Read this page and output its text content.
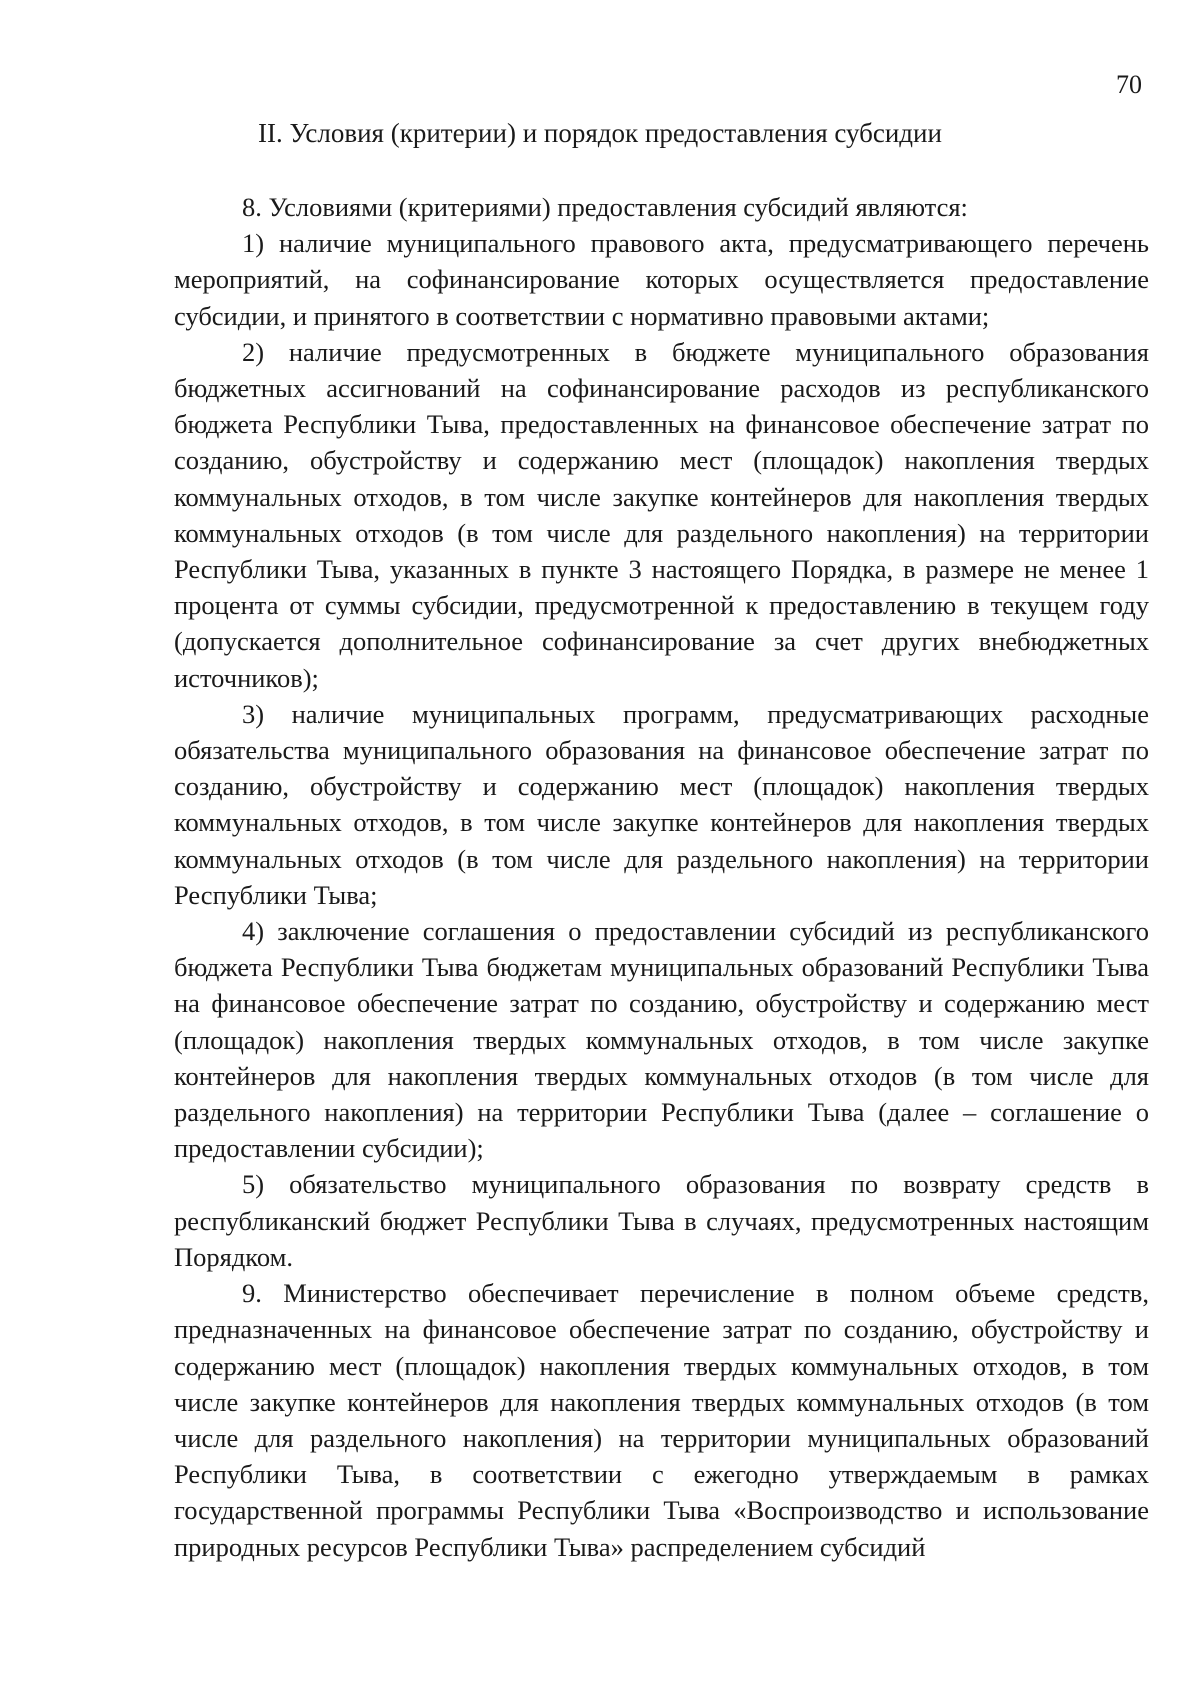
70
II. Условия (критерии) и порядок предоставления субсидии

8. Условиями (критериями) предоставления субсидий являются:

1) наличие муниципального правового акта, предусматривающего перечень мероприятий, на софинансирование которых осуществляется предоставление субсидии, и принятого в соответствии с нормативно правовыми актами;

2) наличие предусмотренных в бюджете муниципального образования бюджетных ассигнований на софинансирование расходов из республиканского бюджета Республики Тыва, предоставленных на финансовое обеспечение затрат по созданию, обустройству и содержанию мест (площадок) накопления твердых коммунальных отходов, в том числе закупке контейнеров для накопления твердых коммунальных отходов (в том числе для раздельного накопления) на территории Республики Тыва, указанных в пункте 3 настоящего Порядка, в размере не менее 1 процента от суммы субсидии, предусмотренной к предоставлению в текущем году (допускается дополнительное софинансирование за счет других внебюджетных источников);

3) наличие муниципальных программ, предусматривающих расходные обязательства муниципального образования на финансовое обеспечение затрат по созданию, обустройству и содержанию мест (площадок) накопления твердых коммунальных отходов, в том числе закупке контейнеров для накопления твердых коммунальных отходов (в том числе для раздельного накопления) на территории Республики Тыва;

4) заключение соглашения о предоставлении субсидий из республиканского бюджета Республики Тыва бюджетам муниципальных образований Республики Тыва на финансовое обеспечение затрат по созданию, обустройству и содержанию мест (площадок) накопления твердых коммунальных отходов, в том числе закупке контейнеров для накопления твердых коммунальных отходов (в том числе для раздельного накопления) на территории Республики Тыва (далее – соглашение о предоставлении субсидии);

5) обязательство муниципального образования по возврату средств в республиканский бюджет Республики Тыва в случаях, предусмотренных настоящим Порядком.

9. Министерство обеспечивает перечисление в полном объеме средств, предназначенных на финансовое обеспечение затрат по созданию, обустройству и содержанию мест (площадок) накопления твердых коммунальных отходов, в том числе закупке контейнеров для накопления твердых коммунальных отходов (в том числе для раздельного накопления) на территории муниципальных образований Республики Тыва, в соответствии с ежегодно утверждаемым в рамках государственной программы Республики Тыва «Воспроизводство и использование природных ресурсов Республики Тыва» распределением субсидий
